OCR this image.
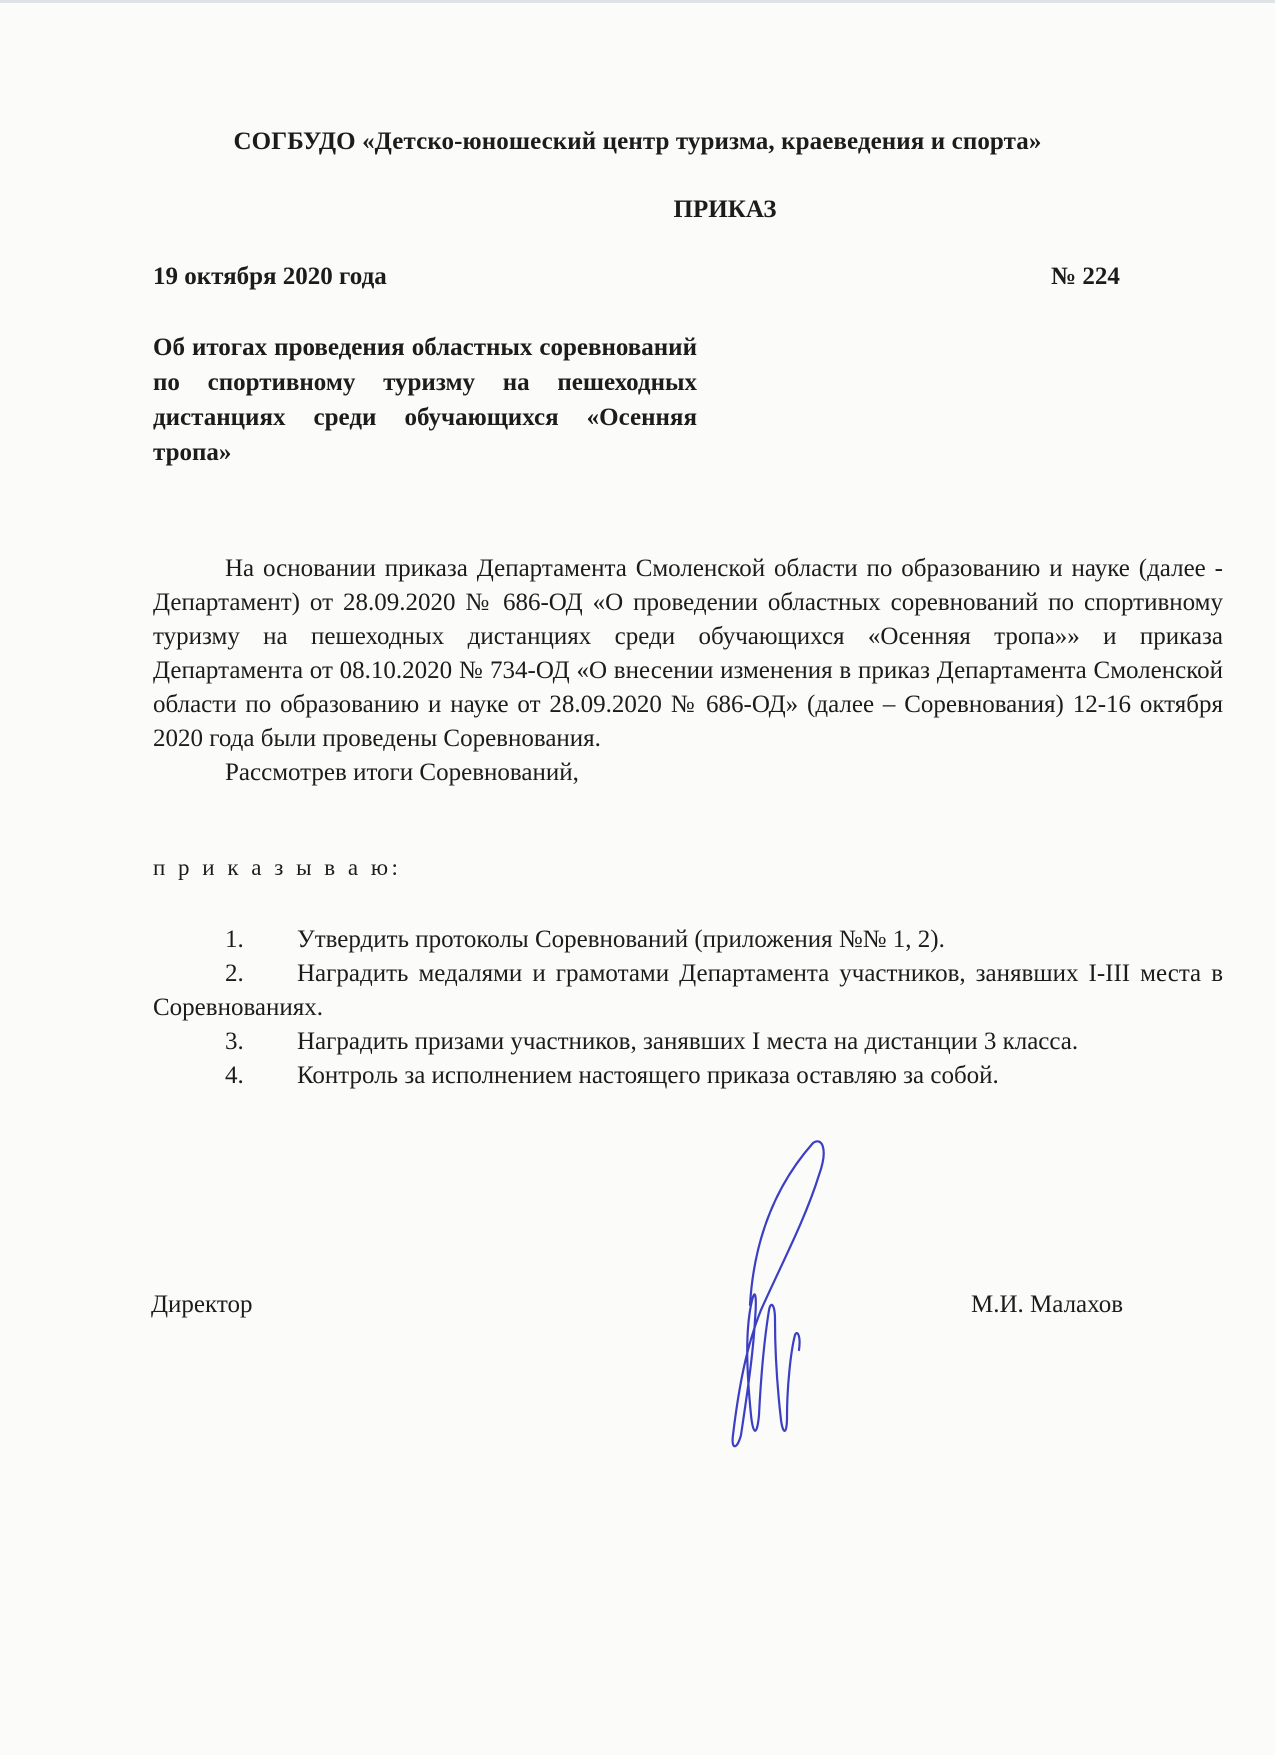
СОГБУДО «Детско-юношеский центр туризма, краеведения и спорта»
ПРИКАЗ
19 октября 2020 года	№ 224
Об итогах проведения областных соревнований по спортивному туризму на пешеходных дистанциях среди обучающихся «Осенняя тропа»

На основании приказа Департамента Смоленской области по образованию и науке (далее - Департамент) от 28.09.2020 № 686-ОД «О проведении областных соревнований по спортивному туризму на пешеходных дистанциях среди обучающихся «Осенняя тропа»» и приказа Департамента от 08.10.2020 № 734-ОД «О внесении изменения в приказ Департамента Смоленской области по образованию и науке от 28.09.2020 № 686-ОД» (далее – Соревнования) 12-16 октября 2020 года были проведены Соревнования.

Рассмотрев итоги Соревнований,

п р и к а з ы в а ю:

1. Утвердить протоколы Соревнований (приложения №№ 1, 2).

2. Наградить медалями и грамотами Департамента участников, занявших I-III места в Соревнованиях.

3. Наградить призами участников, занявших I места на дистанции 3 класса.

4. Контроль за исполнением настоящего приказа оставляю за собой.

Директор	М.И. Малахов
